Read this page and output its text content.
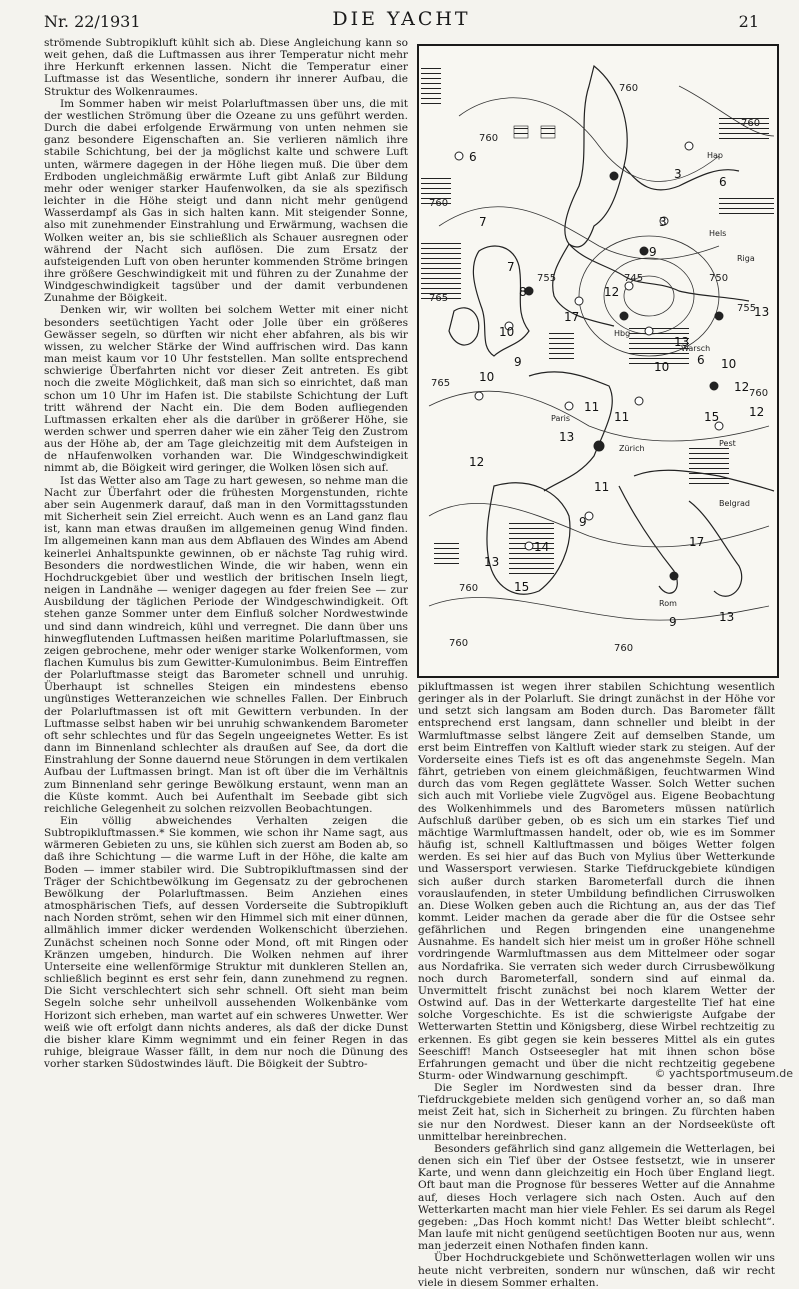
Nr. 22/1931	DIE YACHT	21

strömende Subtropikluft kühlt sich ab. Diese Angleichung kann so weit gehen, daß die Luftmassen aus ihrer Temperatur nicht mehr ihre Herkunft erkennen lassen. Nicht die Temperatur einer Luftmasse ist das Wesentliche, sondern ihr innerer Aufbau, die Struktur des Wolkenraumes.

Im Sommer haben wir meist Polarluftmassen über uns, die mit der westlichen Strömung über die Ozeane zu uns geführt werden. Durch die dabei erfolgende Erwärmung von unten nehmen sie ganz besondere Eigenschaften an. Sie verlieren nämlich ihre stabile Schichtung, bei der ja möglichst kalte und schwere Luft unten, wärmere dagegen in der Höhe liegen muß. Die über dem Erdboden ungleichmäßig erwärmte Luft gibt Anlaß zur Bildung mehr oder weniger starker Haufenwolken, da sie als spezifisch leichter in die Höhe steigt und dann nicht mehr genügend Wasserdampf als Gas in sich halten kann. Mit steigender Sonne, also mit zunehmender Einstrahlung und Erwärmung, wachsen die Wolken weiter an, bis sie schließlich als Schauer ausregnen oder während der Nacht sich auflösen. Die zum Ersatz der aufsteigenden Luft von oben herunter kommenden Ströme bringen ihre größere Geschwindigkeit mit und führen zu der Zunahme der Windgeschwindigkeit tagsüber und der damit verbundenen Zunahme der Böigkeit.

Denken wir, wir wollten bei solchem Wetter mit einer nicht besonders seetüchtigen Yacht oder Jolle über ein größeres Gewässer segeln, so dürften wir nicht eher abfahren, als bis wir wissen, zu welcher Stärke der Wind auffrischen wird. Das kann man meist kaum vor 10 Uhr feststellen. Man sollte entsprechend schwierige Überfahrten nicht vor dieser Zeit antreten. Es gibt noch die zweite Möglichkeit, daß man sich so einrichtet, daß man schon um 10 Uhr im Hafen ist. Die stabilste Schichtung der Luft tritt während der Nacht ein. Die dem Boden aufliegenden Luftmassen erkalten eher als die darüber in größerer Höhe, sie werden schwer und sperren daher wie ein zäher Teig den Zustrom aus der Höhe ab, der am Tage gleichzeitig mit dem Aufsteigen in de nHaufenwolken vorhanden war. Die Windgeschwindigkeit nimmt ab, die Böigkeit wird geringer, die Wolken lösen sich auf.

Ist das Wetter also am Tage zu hart gewesen, so nehme man die Nacht zur Überfahrt oder die frühesten Morgenstunden, richte aber sein Augenmerk darauf, daß man in den Vormittagsstunden mit Sicherheit sein Ziel erreicht. Auch wenn es an Land ganz flau ist, kann man etwas draußen im allgemeinen genug Wind finden. Im allgemeinen kann man aus dem Abflauen des Windes am Abend keinerlei Anhaltspunkte gewinnen, ob er nächste Tag ruhig wird. Besonders die nordwestlichen Winde, die wir haben, wenn ein Hochdruckgebiet über und westlich der britischen Inseln liegt, neigen in Landnähe — weniger dagegen au fder freien See — zur Ausbildung der täglichen Periode der Windgeschwindigkeit. Oft stehen ganze Sommer unter dem Einfluß solcher Nordwestwinde und sind dann windreich, kühl und verregnet. Die dann über uns hinwegflutenden Luftmassen heißen maritime Polarluftmassen, sie zeigen gebrochene, mehr oder weniger starke Wolkenformen, vom flachen Kumulus bis zum Gewitter-Kumulonimbus. Beim Eintreffen der Polarluftmasse steigt das Barometer schnell und unruhig. Überhaupt ist schnelles Steigen ein mindestens ebenso ungünstiges Wetteranzeichen wie schnelles Fallen. Der Einbruch der Polarluftmassen ist oft mit Gewittern verbunden. In der Luftmasse selbst haben wir bei unruhig schwankendem Barometer oft sehr schlechtes und für das Segeln ungeeignetes Wetter. Es ist dann im Binnenland schlechter als draußen auf See, da dort die Einstrahlung der Sonne dauernd neue Störungen in dem vertikalen Aufbau der Luftmassen bringt. Man ist oft über die im Verhältnis zum Binnenland sehr geringe Bewölkung erstaunt, wenn man an die Küste kommt. Auch bei Aufenthalt im Seebade gibt sich reichliche Gelegenheit zu solchen reizvollen Beobachtungen.

Ein völlig abweichendes Verhalten zeigen die Subtropikluftmassen.* Sie kommen, wie schon ihr Name sagt, aus wärmeren Gebieten zu uns, sie kühlen sich zuerst am Boden ab, so daß ihre Schichtung — die warme Luft in der Höhe, die kalte am Boden — immer stabiler wird. Die Subtropikluftmassen sind der Träger der Schichtbewölkung im Gegensatz zu der gebrochenen Bewölkung der Polarluftmassen. Beim Anziehen eines atmosphärischen Tiefs, auf dessen Vorderseite die Subtropikluft nach Norden strömt, sehen wir den Himmel sich mit einer dünnen, allmählich immer dicker werdenden Wolkenschicht überziehen. Zunächst scheinen noch Sonne oder Mond, oft mit Ringen oder Kränzen umgeben, hindurch. Die Wolken nehmen auf ihrer Unterseite eine wellenförmige Struktur mit dunkleren Stellen an, schließlich beginnt es erst sehr fein, dann zunehmend zu regnen. Die Sicht verschlechtert sich sehr schnell. Oft sieht man beim Segeln solche sehr unheilvoll aussehenden Wolkenbänke vom Horizont sich erheben, man wartet auf ein schweres Unwetter. Wer weiß wie oft erfolgt dann nichts anderes, als daß der dicke Dunst die bisher klare Kimm wegnimmt und ein feiner Regen in das ruhige, bleigraue Wasser fällt, in dem nur noch die Dünung des vorher starken Südostwindes läuft. Die Böigkeit der Subtro-

760
760
760
765
755
760
750
745
755
760
765
760	760
760
Hap
Hels
Riga
Hbg
Warsch
Paris
Zürich
Pest
Belgrad
Rom
6
3
7
7
8
3
9
6
13
10
17
12
9
10
11
13
11
13
6 10
10
12
12
15
14
9
11
12
13
15
17
9	13

pikluftmassen ist wegen ihrer stabilen Schichtung wesentlich geringer als in der Polarluft. Sie dringt zunächst in der Höhe vor und setzt sich langsam am Boden durch. Das Barometer fällt entsprechend erst langsam, dann schneller und bleibt in der Warmluftmasse selbst längere Zeit auf demselben Stande, um erst beim Eintreffen von Kaltluft wieder stark zu steigen. Auf der Vorderseite eines Tiefs ist es oft das angenehmste Segeln. Man fährt, getrieben von einem gleichmäßigen, feuchtwarmen Wind durch das vom Regen geglättete Wasser. Solch Wetter suchen sich auch mit Vorliebe viele Zugvögel aus. Eigene Beobachtung des Wolkenhimmels und des Barometers müssen natürlich Aufschluß darüber geben, ob es sich um ein starkes Tief und mächtige Warmluftmassen handelt, oder ob, wie es im Sommer häufig ist, schnell Kaltluftmassen und böiges Wetter folgen werden. Es sei hier auf das Buch von Mylius über Wetterkunde und Wassersport verwiesen. Starke Tiefdruckgebiete kündigen sich außer durch starken Barometerfall durch die ihnen vorauslaufenden, in steter Umbildung befindlichen Cirruswolken an. Diese Wolken geben auch die Richtung an, aus der das Tief kommt. Leider machen da gerade aber die für die Ostsee sehr gefährlichen und Regen bringenden eine unangenehme Ausnahme. Es handelt sich hier meist um in großer Höhe schnell vordringende Warmluftmassen aus dem Mittelmeer oder sogar aus Nordafrika. Sie verraten sich weder durch Cirrusbewölkung noch durch Barometerfall, sondern sind auf einmal da. Unvermittelt frischt zunächst bei noch klarem Wetter der Ostwind auf. Das in der Wetterkarte dargestellte Tief hat eine solche Vorgeschichte. Es ist die schwierigste Aufgabe der Wetterwarten Stettin und Königsberg, diese Wirbel rechtzeitig zu erkennen. Es gibt gegen sie kein besseres Mittel als ein gutes Seeschiff! Manch Ostseesegler hat mit ihnen schon böse Erfahrungen gemacht und über die nicht rechtzeitig gegebene Sturm- oder Windwarnung geschimpft.

Die Segler im Nordwesten sind da besser dran. Ihre Tiefdruckgebiete melden sich genügend vorher an, so daß man meist Zeit hat, sich in Sicherheit zu bringen. Zu fürchten haben sie nur den Nordwest. Dieser kann an der Nordseeküste oft unmittelbar hereinbrechen.

Besonders gefährlich sind ganz allgemein die Wetterlagen, bei denen sich ein Tief über der Ostsee festsetzt, wie in unserer Karte, und wenn dann gleichzeitig ein Hoch über England liegt. Oft baut man die Prognose für besseres Wetter auf die Annahme auf, dieses Hoch verlagere sich nach Osten. Auch auf den Wetterkarten macht man hier viele Fehler. Es sei darum als Regel gegeben: „Das Hoch kommt nicht! Das Wetter bleibt schlecht“. Man laufe mit nicht genügend seetüchtigen Booten nur aus, wenn man jederzeit einen Nothafen finden kann.

Über Hochdruckgebiete und Schönwetterlagen wollen wir uns heute nicht verbreiten, sondern nur wünschen, daß wir recht viele in diesem Sommer erhalten.

© yachtsportmuseum.de
